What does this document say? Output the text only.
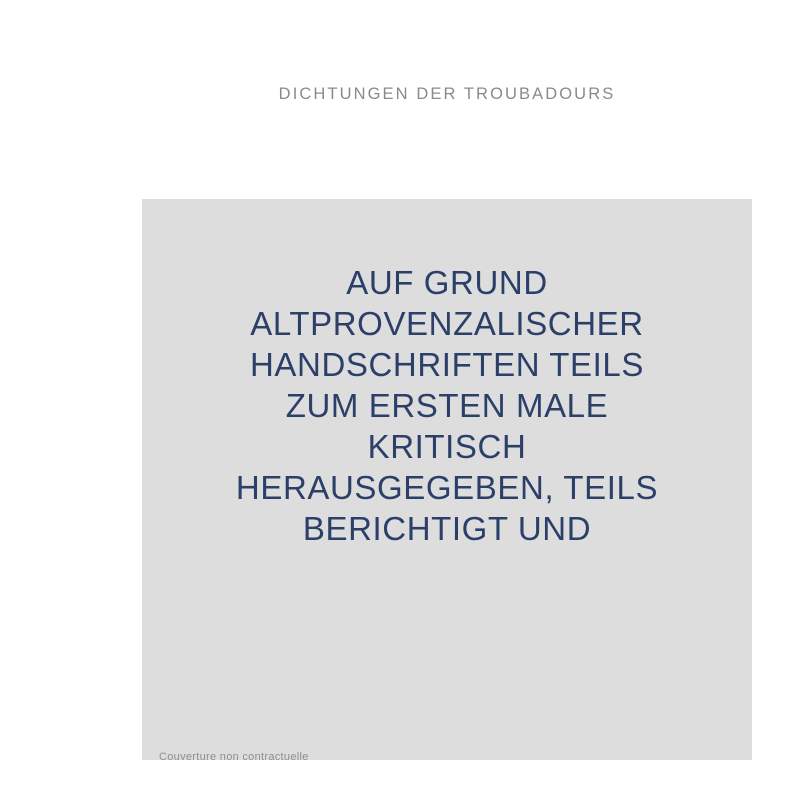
DICHTUNGEN DER TROUBADOURS
AUF GRUND
ALTPROVENZALISCHER
HANDSCHRIFTEN TEILS
ZUM ERSTEN MALE
KRITISCH
HERAUSGEGEBEN, TEILS
BERICHTIGT UND
Couverture non contractuelle
